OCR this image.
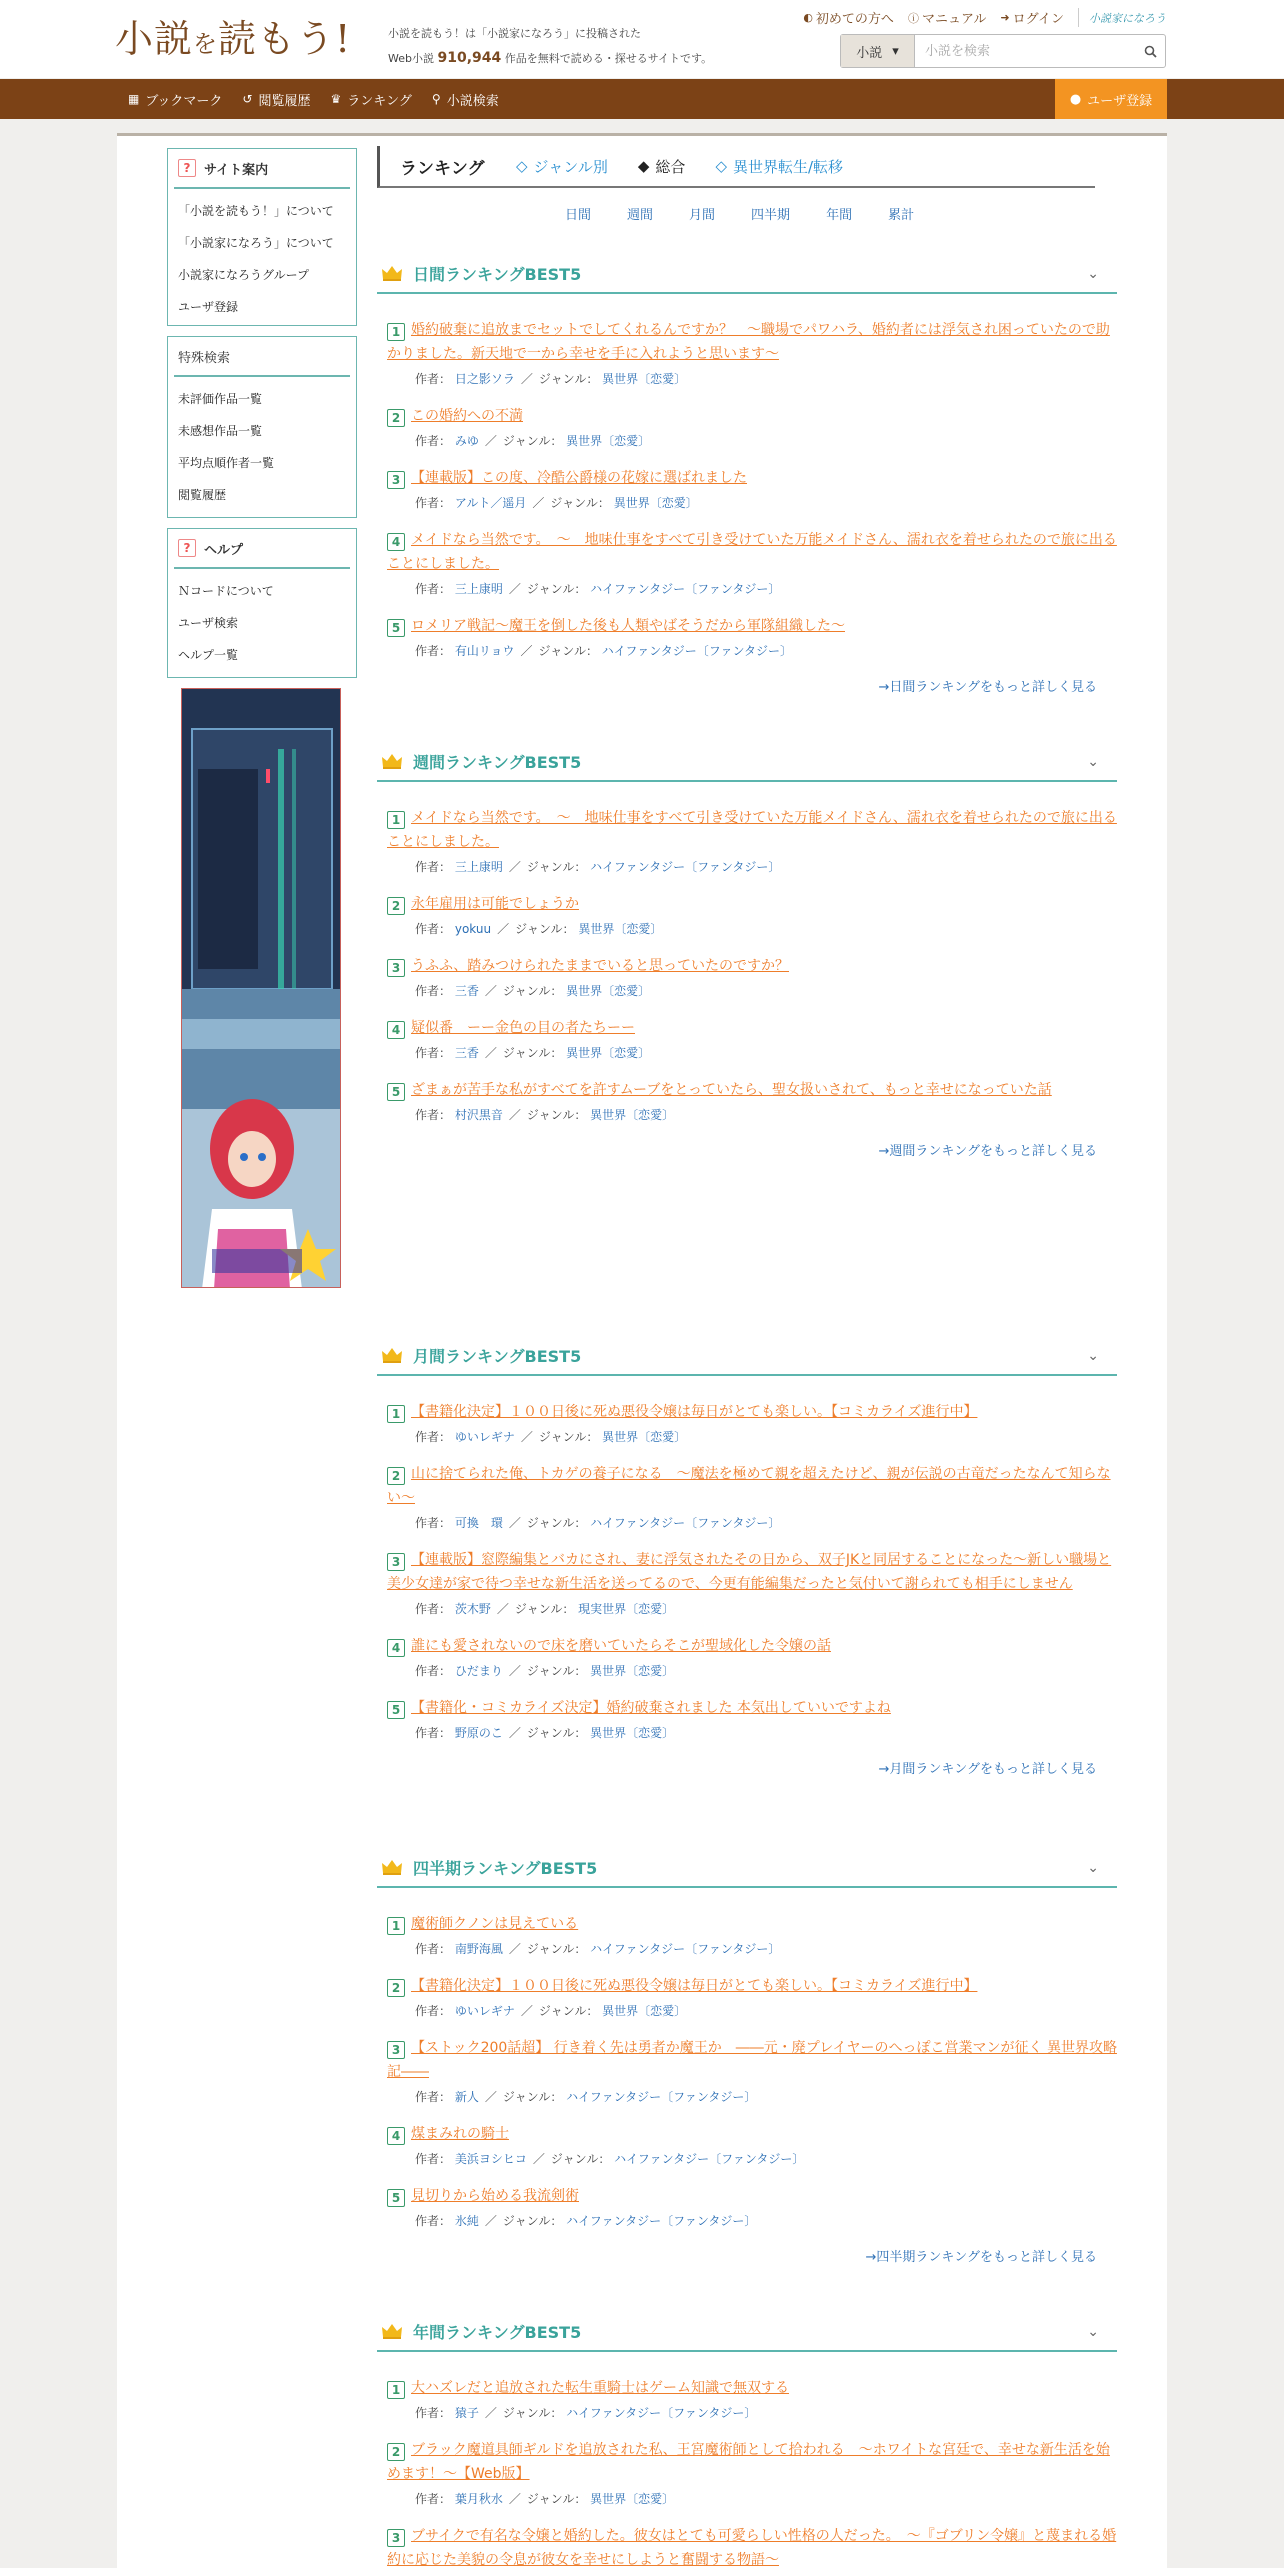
小説を読もう!	小説を読もう！は「小説家になろう」に投稿された
Web小説 910,944 作品を無料で読める・探せるサイトです。
◐ 初めての方へ ⓘ マニュアル ➜ ログイン 小説家になろう
小説 ▾
小説を検索
▦ ブックマーク ↺ 閲覧履歴 ♛ ランキング ⚲ 小説検索	● ユーザ登録
?	サイト案内
「小説を読もう！」について
「小説家になろう」について
小説家になろうグループ
ユーザ登録
特殊検索
未評価作品一覧
未感想作品一覧
平均点順作者一覧
閲覧履歴
?	ヘルプ
Ｎコードについて
ユーザ検索
ヘルプ一覧
ランキング	◇ ジャンル別 ◆ 総合 ◇ 異世界転生/転移
日間	週間	月間	四半期	年間	累計
日間ランキングBEST5	⌄
1 婚約破棄に追放までセットでしてくれるんですか？　～職場でパワハラ、婚約者には浮気され困っていたので助かりました。新天地で一から幸せを手に入れようと思います～
作者： 日之影ソラ ／ ジャンル： 異世界〔恋愛〕
2 この婚約への不満
作者： みゆ ／ ジャンル： 異世界〔恋愛〕
3 【連載版】この度、冷酷公爵様の花嫁に選ばれました
作者： アルト／遥月 ／ ジャンル： 異世界〔恋愛〕
4 メイドなら当然です。　〜　地味仕事をすべて引き受けていた万能メイドさん、濡れ衣を着せられたので旅に出ることにしました。
作者： 三上康明 ／ ジャンル： ハイファンタジー〔ファンタジー〕
5 ロメリア戦記～魔王を倒した後も人類やばそうだから軍隊組織した～
作者： 有山リョウ ／ ジャンル： ハイファンタジー〔ファンタジー〕
→日間ランキングをもっと詳しく見る
週間ランキングBEST5	⌄
1 メイドなら当然です。　〜　地味仕事をすべて引き受けていた万能メイドさん、濡れ衣を着せられたので旅に出ることにしました。
作者： 三上康明 ／ ジャンル： ハイファンタジー〔ファンタジー〕
2 永年雇用は可能でしょうか
作者： yokuu ／ ジャンル： 異世界〔恋愛〕
3 うふふ、踏みつけられたままでいると思っていたのですか？
作者： 三香 ／ ジャンル： 異世界〔恋愛〕
4 疑似番　ーー金色の目の者たちーー
作者： 三香 ／ ジャンル： 異世界〔恋愛〕
5 ざまぁが苦手な私がすべてを許すムーブをとっていたら、聖女扱いされて、もっと幸せになっていた話
作者： 村沢黒音 ／ ジャンル： 異世界〔恋愛〕
→週間ランキングをもっと詳しく見る
月間ランキングBEST5	⌄
1 【書籍化決定】１００日後に死ぬ悪役令嬢は毎日がとても楽しい。【コミカライズ進行中】
作者： ゆいレギナ ／ ジャンル： 異世界〔恋愛〕
2 山に捨てられた俺、トカゲの養子になる　〜魔法を極めて親を超えたけど、親が伝説の古竜だったなんて知らない〜
作者： 可換　環 ／ ジャンル： ハイファンタジー〔ファンタジー〕
3 【連載版】窓際編集とバカにされ、妻に浮気されたその日から、双子JKと同居することになった〜新しい職場と美少女達が家で待つ幸せな新生活を送ってるので、今更有能編集だったと気付いて謝られても相手にしません
作者： 茨木野 ／ ジャンル： 現実世界〔恋愛〕
4 誰にも愛されないので床を磨いていたらそこが聖域化した令嬢の話
作者： ひだまり ／ ジャンル： 異世界〔恋愛〕
5 【書籍化・コミカライズ決定】婚約破棄されました 本気出していいですよね
作者： 野原のこ ／ ジャンル： 異世界〔恋愛〕
→月間ランキングをもっと詳しく見る
四半期ランキングBEST5	⌄
1 魔術師クノンは見えている
作者： 南野海風 ／ ジャンル： ハイファンタジー〔ファンタジー〕
2 【書籍化決定】１００日後に死ぬ悪役令嬢は毎日がとても楽しい。【コミカライズ進行中】
作者： ゆいレギナ ／ ジャンル： 異世界〔恋愛〕
3 【ストック200話超】 行き着く先は勇者か魔王か　――元・廃プレイヤーのへっぽこ営業マンが征く 異世界攻略記――
作者： 新人 ／ ジャンル： ハイファンタジー〔ファンタジー〕
4 煤まみれの騎士
作者： 美浜ヨシヒコ ／ ジャンル： ハイファンタジー〔ファンタジー〕
5 見切りから始める我流剣術
作者： 氷純 ／ ジャンル： ハイファンタジー〔ファンタジー〕
→四半期ランキングをもっと詳しく見る
年間ランキングBEST5	⌄
1 大ハズレだと追放された転生重騎士はゲーム知識で無双する
作者： 猿子 ／ ジャンル： ハイファンタジー〔ファンタジー〕
2 ブラック魔道具師ギルドを追放された私、王宮魔術師として拾われる　～ホワイトな宮廷で、幸せな新生活を始めます！～【Web版】
作者： 葉月秋水 ／ ジャンル： 異世界〔恋愛〕
3 ブサイクで有名な令嬢と婚約した。彼女はとても可愛らしい性格の人だった。　～『ゴブリン令嬢』と蔑まれる婚約に応じた美貌の令息が彼女を幸せにしようと奮闘する物語～
